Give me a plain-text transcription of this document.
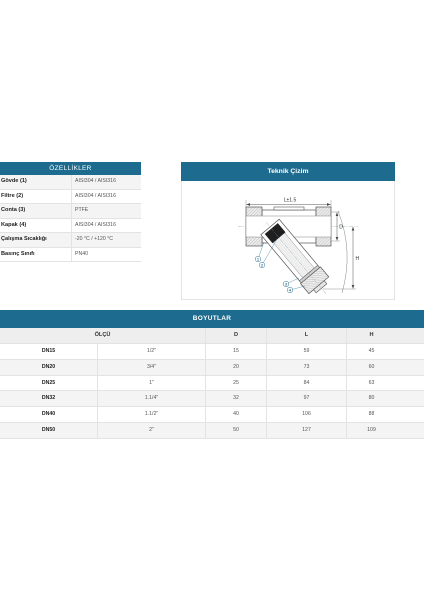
ÖZELLİKLER
Gövde (1)	AISI304 / AISI316
Filtre (2)	AISI304 / AISI316
Conta (3)	PTFE
Kapak (4)	AISI304 / AISI316
Çalışma Sıcaklığı	-20 °C / +120 °C
Basınç Sınıfı	PN40
Teknik Çizim
L±1.5
D
H
1
2
3
4
BOYUTLAR
ÖLÇÜ	D	L	H
DN15	1/2"	15	59	45
DN20	3/4"	20	73	60
DN25	1"	25	84	63
DN32	1.1/4"	32	97	80
DN40	1.1/2"	40	106	88
DN50	2"	50	127	109
